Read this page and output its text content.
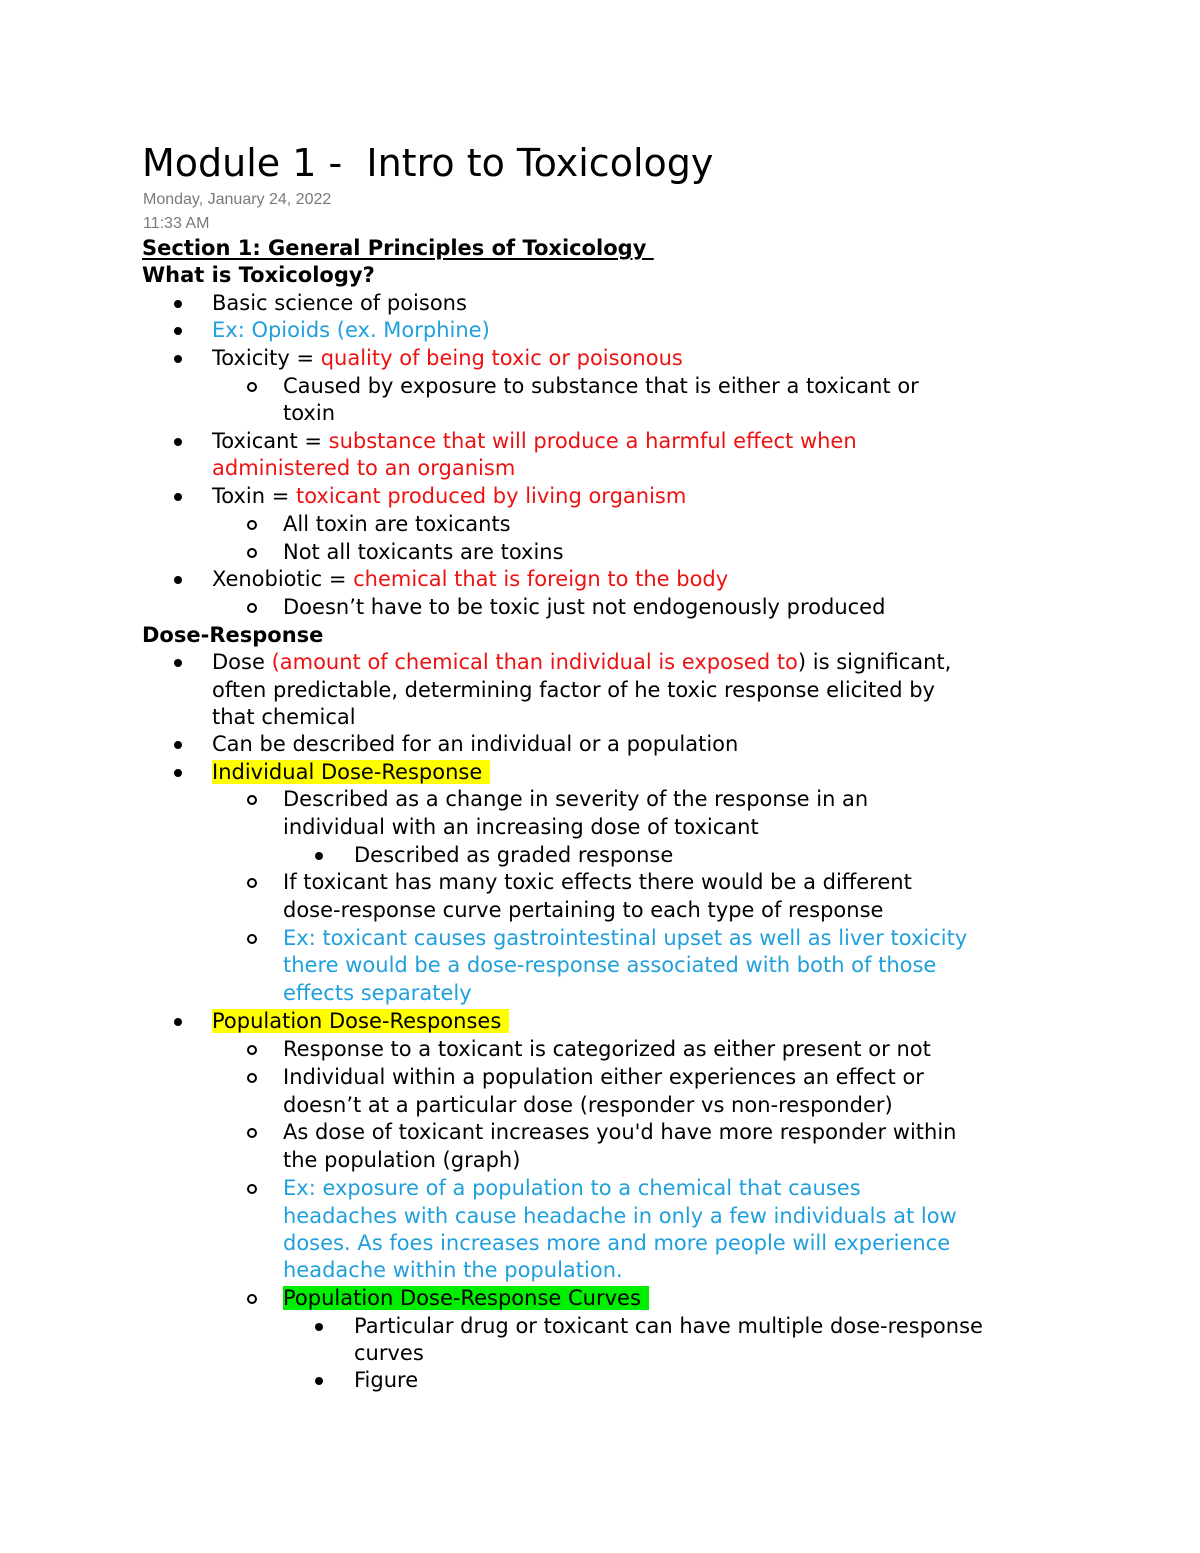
Module 1 -  Intro to Toxicology
Monday, January 24, 2022
11:33 AM
Section 1: General Principles of Toxicology
What is Toxicology?
Basic science of poisons
Ex: Opioids (ex. Morphine)
Toxicity = quality of being toxic or poisonous
Caused by exposure to substance that is either a toxicant or
toxin
Toxicant = substance that will produce a harmful effect when
administered to an organism
Toxin = toxicant produced by living organism
All toxin are toxicants
Not all toxicants are toxins
Xenobiotic = chemical that is foreign to the body
Doesn’t have to be toxic just not endogenously produced
Dose-Response
Dose (amount of chemical than individual is exposed to) is significant,
often predictable, determining factor of he toxic response elicited by
that chemical
Can be described for an individual or a population
Individual Dose-Response
Described as a change in severity of the response in an
individual with an increasing dose of toxicant
Described as graded response
If toxicant has many toxic effects there would be a different
dose-response curve pertaining to each type of response
Ex: toxicant causes gastrointestinal upset as well as liver toxicity
there would be a dose-response associated with both of those
effects separately
Population Dose-Responses
Response to a toxicant is categorized as either present or not
Individual within a population either experiences an effect or
doesn’t at a particular dose (responder vs non-responder)
As dose of toxicant increases you'd have more responder within
the population (graph)
Ex: exposure of a population to a chemical that causes
headaches with cause headache in only a few individuals at low
doses. As foes increases more and more people will experience
headache within the population.
Population Dose-Response Curves
Particular drug or toxicant can have multiple dose-response
curves
Figure
